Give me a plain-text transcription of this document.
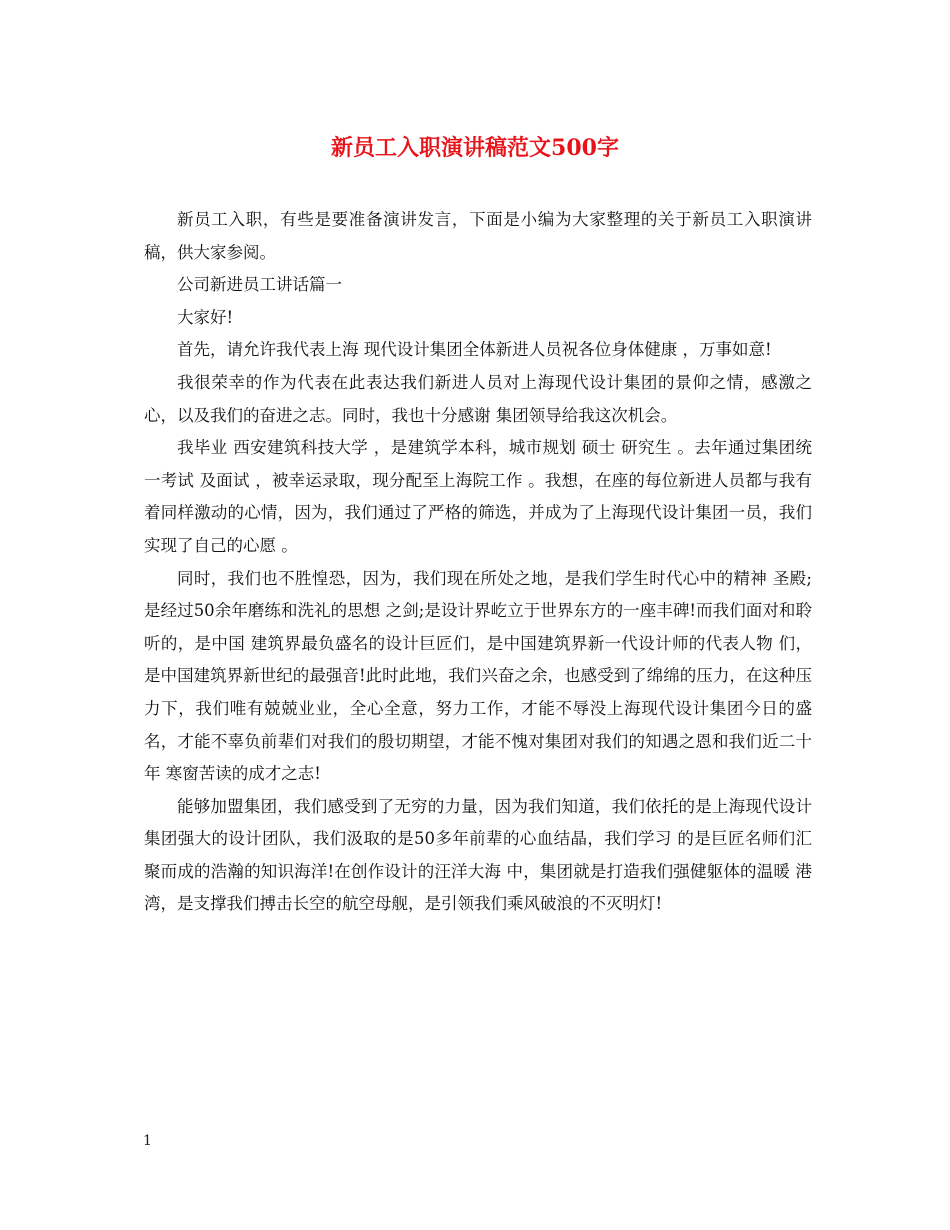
新员工入职演讲稿范文500字

新员工入职，有些是要准备演讲发言，下面是小编为大家整理的关于新员工入职演讲稿，供大家参阅。

公司新进员工讲话篇一

大家好!

首先，请允许我代表上海 现代设计集团全体新进人员祝各位身体健康 ，万事如意!

我很荣幸的作为代表在此表达我们新进人员对上海现代设计集团的景仰之情，感激之心，以及我们的奋进之志。同时，我也十分感谢 集团领导给我这次机会。

我毕业 西安建筑科技大学 ，是建筑学本科，城市规划 硕士 研究生 。去年通过集团统一考试 及面试 ，被幸运录取，现分配至上海院工作 。我想，在座的每位新进人员都与我有着同样激动的心情，因为，我们通过了严格的筛选，并成为了上海现代设计集团一员，我们实现了自己的心愿 。

同时，我们也不胜惶恐，因为，我们现在所处之地，是我们学生时代心中的精神 圣殿;是经过50余年磨练和洗礼的思想 之剑;是设计界屹立于世界东方的一座丰碑!而我们面对和聆听的，是中国 建筑界最负盛名的设计巨匠们，是中国建筑界新一代设计师的代表人物 们，是中国建筑界新世纪的最强音!此时此地，我们兴奋之余，也感受到了绵绵的压力，在这种压力下，我们唯有兢兢业业，全心全意，努力工作，才能不辱没上海现代设计集团今日的盛名，才能不辜负前辈们对我们的殷切期望，才能不愧对集团对我们的知遇之恩和我们近二十年 寒窗苦读的成才之志!

能够加盟集团，我们感受到了无穷的力量，因为我们知道，我们依托的是上海现代设计集团强大的设计团队，我们汲取的是50多年前辈的心血结晶，我们学习 的是巨匠名师们汇聚而成的浩瀚的知识海洋!在创作设计的汪洋大海 中，集团就是打造我们强健躯体的温暖 港湾，是支撑我们搏击长空的航空母舰，是引领我们乘风破浪的不灭明灯!

1
